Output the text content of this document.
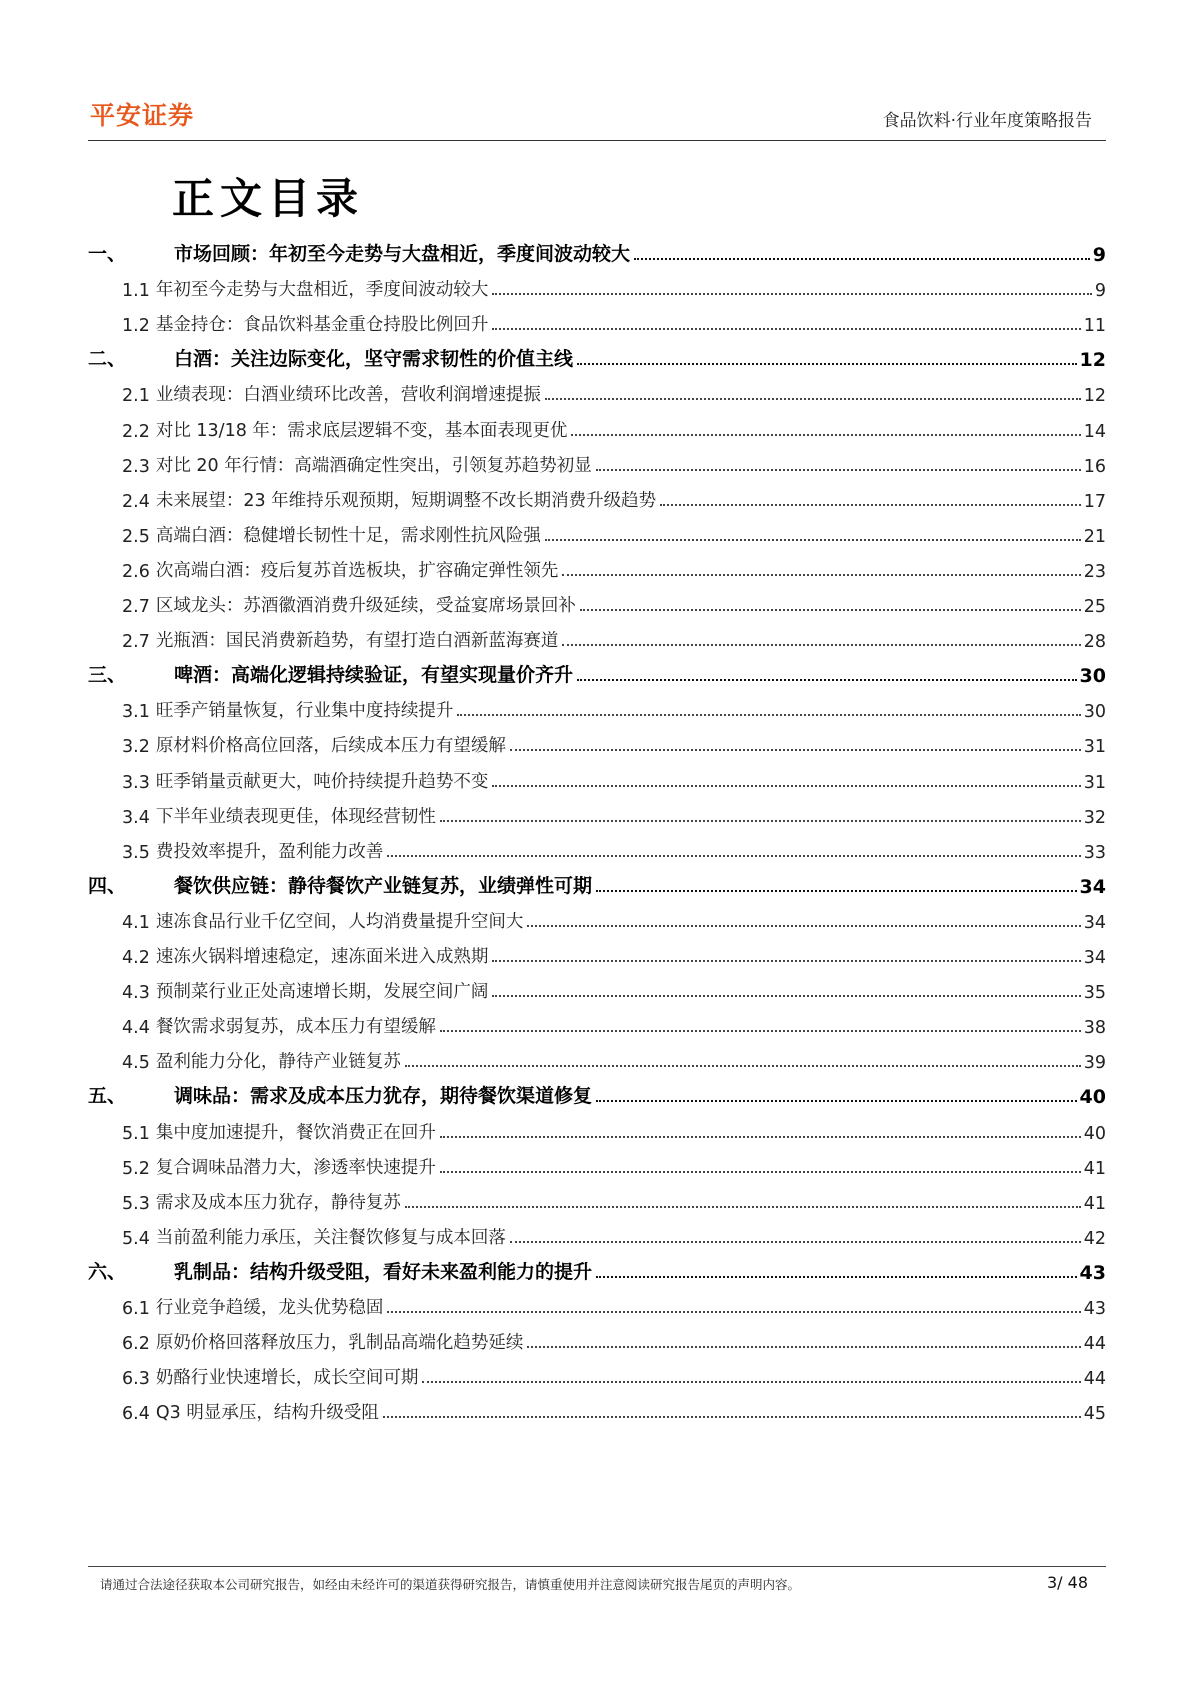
平安证券	食品饮料·行业年度策略报告
正文目录
一、	市场回顾：年初至今走势与大盘相近，季度间波动较大	9
1.1 年初至今走势与大盘相近，季度间波动较大	9
1.2 基金持仓：食品饮料基金重仓持股比例回升	11
二、	白酒：关注边际变化，坚守需求韧性的价值主线	12
2.1 业绩表现：白酒业绩环比改善，营收利润增速提振	12
2.2 对比 13/18 年：需求底层逻辑不变，基本面表现更优	14
2.3 对比 20 年行情：高端酒确定性突出，引领复苏趋势初显	16
2.4 未来展望：23 年维持乐观预期，短期调整不改长期消费升级趋势	17
2.5 高端白酒：稳健增长韧性十足，需求刚性抗风险强	21
2.6 次高端白酒：疫后复苏首选板块，扩容确定弹性领先	23
2.7 区域龙头：苏酒徽酒消费升级延续，受益宴席场景回补	25
2.7 光瓶酒：国民消费新趋势，有望打造白酒新蓝海赛道	28
三、	啤酒：高端化逻辑持续验证，有望实现量价齐升	30
3.1 旺季产销量恢复，行业集中度持续提升	30
3.2 原材料价格高位回落，后续成本压力有望缓解	31
3.3 旺季销量贡献更大，吨价持续提升趋势不变	31
3.4 下半年业绩表现更佳，体现经营韧性	32
3.5 费投效率提升，盈利能力改善	33
四、	餐饮供应链：静待餐饮产业链复苏，业绩弹性可期	34
4.1 速冻食品行业千亿空间，人均消费量提升空间大	34
4.2 速冻火锅料增速稳定，速冻面米进入成熟期	34
4.3 预制菜行业正处高速增长期，发展空间广阔	35
4.4 餐饮需求弱复苏，成本压力有望缓解	38
4.5 盈利能力分化，静待产业链复苏	39
五、	调味品：需求及成本压力犹存，期待餐饮渠道修复	40
5.1 集中度加速提升，餐饮消费正在回升	40
5.2 复合调味品潜力大，渗透率快速提升	41
5.3 需求及成本压力犹存，静待复苏	41
5.4 当前盈利能力承压，关注餐饮修复与成本回落	42
六、	乳制品：结构升级受阻，看好未来盈利能力的提升	43
6.1 行业竞争趋缓，龙头优势稳固	43
6.2 原奶价格回落释放压力，乳制品高端化趋势延续	44
6.3 奶酪行业快速增长，成长空间可期	44
6.4 Q3 明显承压，结构升级受阻	45
请通过合法途径获取本公司研究报告，如经由未经许可的渠道获得研究报告，请慎重使用并注意阅读研究报告尾页的声明内容。	3/ 48
